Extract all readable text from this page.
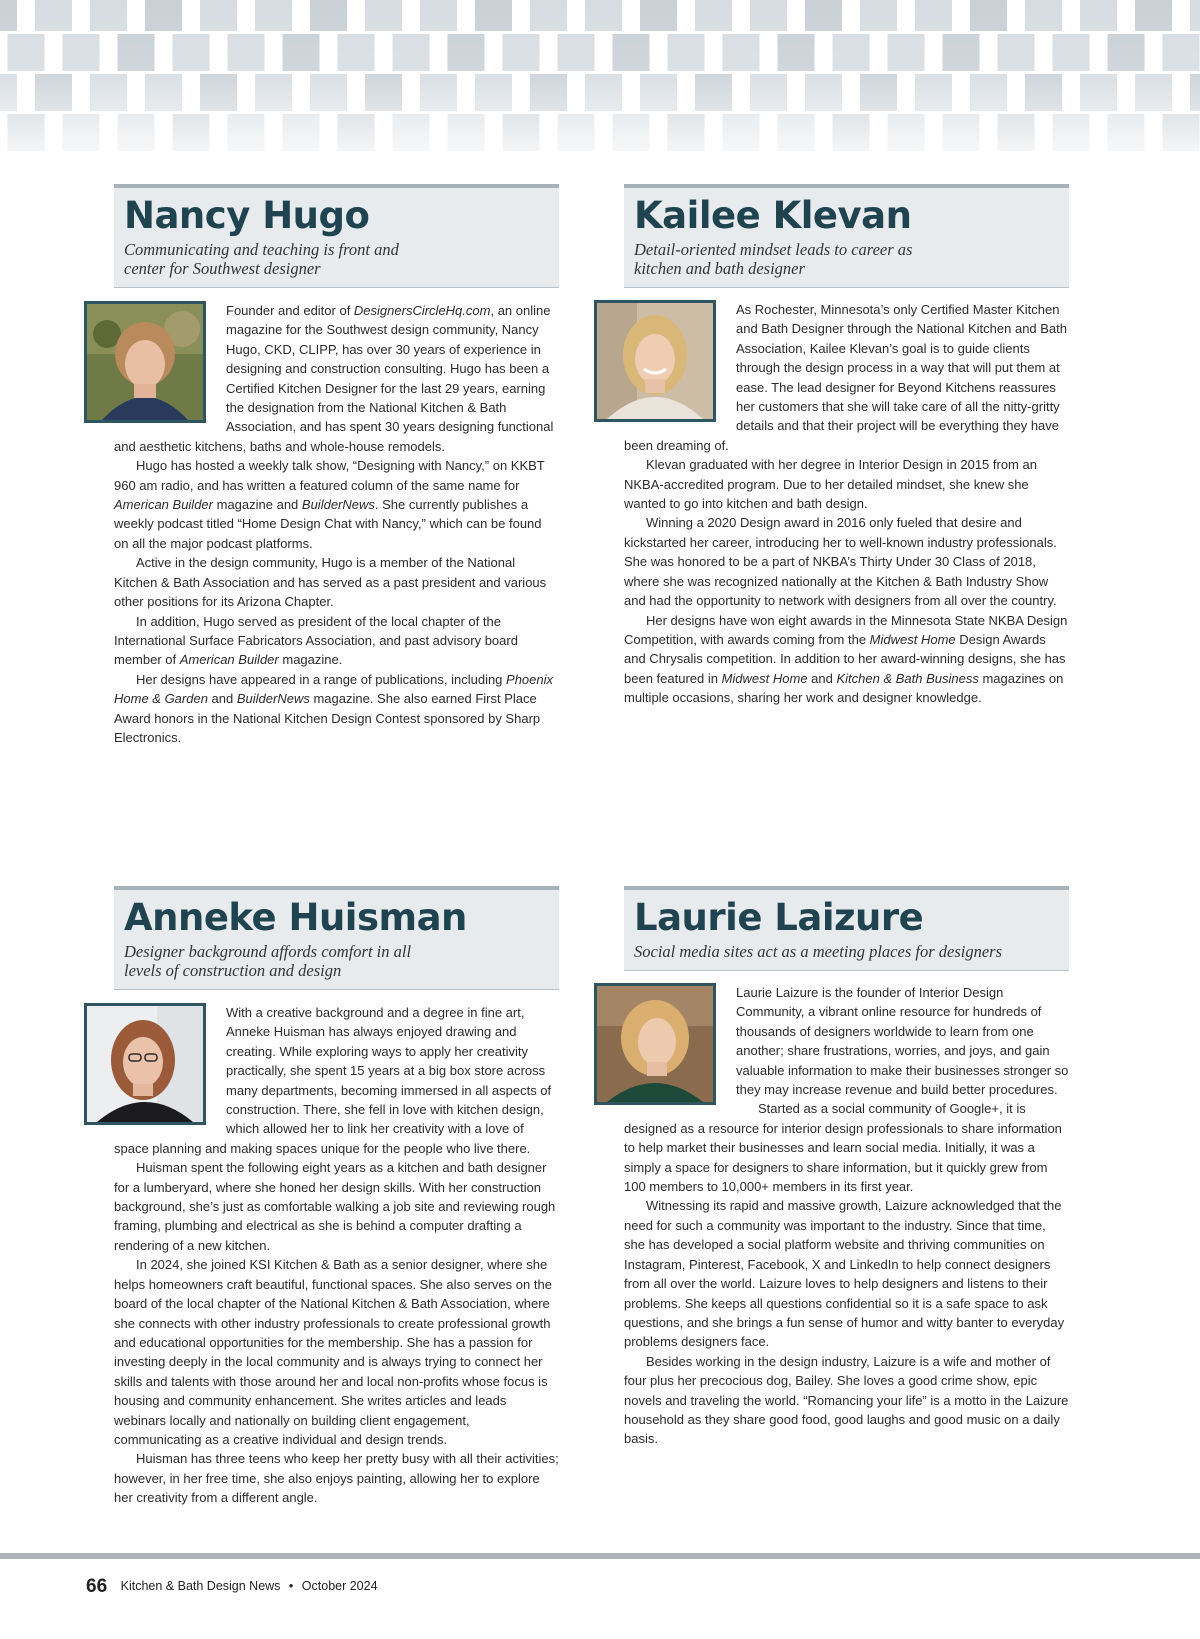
Nancy Hugo

Communicating and teaching is front and center for Southwest designer

Founder and editor of DesignersCircleHq.com, an online magazine for the Southwest design community, Nancy Hugo, CKD, CLIPP, has over 30 years of experience in designing and construction consulting. Hugo has been a Certified Kitchen Designer for the last 29 years, earning the designation from the National Kitchen & Bath Association, and has spent 30 years designing functional and aesthetic kitchens, baths and whole-house remodels.

Hugo has hosted a weekly talk show, “Designing with Nancy,” on KKBT 960 am radio, and has written a featured column of the same name for American Builder magazine and BuilderNews. She currently publishes a weekly podcast titled “Home Design Chat with Nancy,” which can be found on all the major podcast platforms.

Active in the design community, Hugo is a member of the National Kitchen & Bath Association and has served as a past president and various other positions for its Arizona Chapter.

In addition, Hugo served as president of the local chapter of the International Surface Fabricators Association, and past advisory board member of American Builder magazine.

Her designs have appeared in a range of publications, including Phoenix Home & Garden and BuilderNews magazine. She also earned First Place Award honors in the National Kitchen Design Contest sponsored by Sharp Electronics.

Kailee Klevan

Detail-oriented mindset leads to career as kitchen and bath designer

As Rochester, Minnesota’s only Certified Master Kitchen and Bath Designer through the National Kitchen and Bath Association, Kailee Klevan’s goal is to guide clients through the design process in a way that will put them at ease. The lead designer for Beyond Kitchens reassures her customers that she will take care of all the nitty-gritty details and that their project will be everything they have been dreaming of.

Klevan graduated with her degree in Interior Design in 2015 from an NKBA-accredited program. Due to her detailed mindset, she knew she wanted to go into kitchen and bath design.

Winning a 2020 Design award in 2016 only fueled that desire and kickstarted her career, introducing her to well-known industry professionals. She was honored to be a part of NKBA’s Thirty Under 30 Class of 2018, where she was recognized nationally at the Kitchen & Bath Industry Show and had the opportunity to network with designers from all over the country.

Her designs have won eight awards in the Minnesota State NKBA Design Competition, with awards coming from the Midwest Home Design Awards and Chrysalis competition. In addition to her award-winning designs, she has been featured in Midwest Home and Kitchen & Bath Business magazines on multiple occasions, sharing her work and designer knowledge.

Anneke Huisman

Designer background affords comfort in all levels of construction and design

With a creative background and a degree in fine art, Anneke Huisman has always enjoyed drawing and creating. While exploring ways to apply her creativity practically, she spent 15 years at a big box store across many departments, becoming immersed in all aspects of construction. There, she fell in love with kitchen design, which allowed her to link her creativity with a love of space planning and making spaces unique for the people who live there.

Huisman spent the following eight years as a kitchen and bath designer for a lumberyard, where she honed her design skills. With her construction background, she’s just as comfortable walking a job site and reviewing rough framing, plumbing and electrical as she is behind a computer drafting a rendering of a new kitchen.

In 2024, she joined KSI Kitchen & Bath as a senior designer, where she helps homeowners craft beautiful, functional spaces. She also serves on the board of the local chapter of the National Kitchen & Bath Association, where she connects with other industry professionals to create professional growth and educational opportunities for the membership. She has a passion for investing deeply in the local community and is always trying to connect her skills and talents with those around her and local non-profits whose focus is housing and community enhancement. She writes articles and leads webinars locally and nationally on building client engagement, communicating as a creative individual and design trends.

Huisman has three teens who keep her pretty busy with all their activities; however, in her free time, she also enjoys painting, allowing her to explore her creativity from a different angle.

Laurie Laizure

Social media sites act as a meeting places for designers

Laurie Laizure is the founder of Interior Design Community, a vibrant online resource for hundreds of thousands of designers worldwide to learn from one another; share frustrations, worries, and joys, and gain valuable information to make their businesses stronger so they may increase revenue and build better procedures.

Started as a social community of Google+, it is designed as a resource for interior design professionals to share information to help market their businesses and learn social media. Initially, it was a simply a space for designers to share information, but it quickly grew from 100 members to 10,000+ members in its first year.

Witnessing its rapid and massive growth, Laizure acknowledged that the need for such a community was important to the industry. Since that time, she has developed a social platform website and thriving communities on Instagram, Pinterest, Facebook, X and LinkedIn to help connect designers from all over the world. Laizure loves to help designers and listens to their problems. She keeps all questions confidential so it is a safe space to ask questions, and she brings a fun sense of humor and witty banter to everyday problems designers face.

Besides working in the design industry, Laizure is a wife and mother of four plus her precocious dog, Bailey. She loves a good crime show, epic novels and traveling the world. “Romancing your life” is a motto in the Laizure household as they share good food, good laughs and good music on a daily basis.

66 Kitchen & Bath Design News • October 2024
